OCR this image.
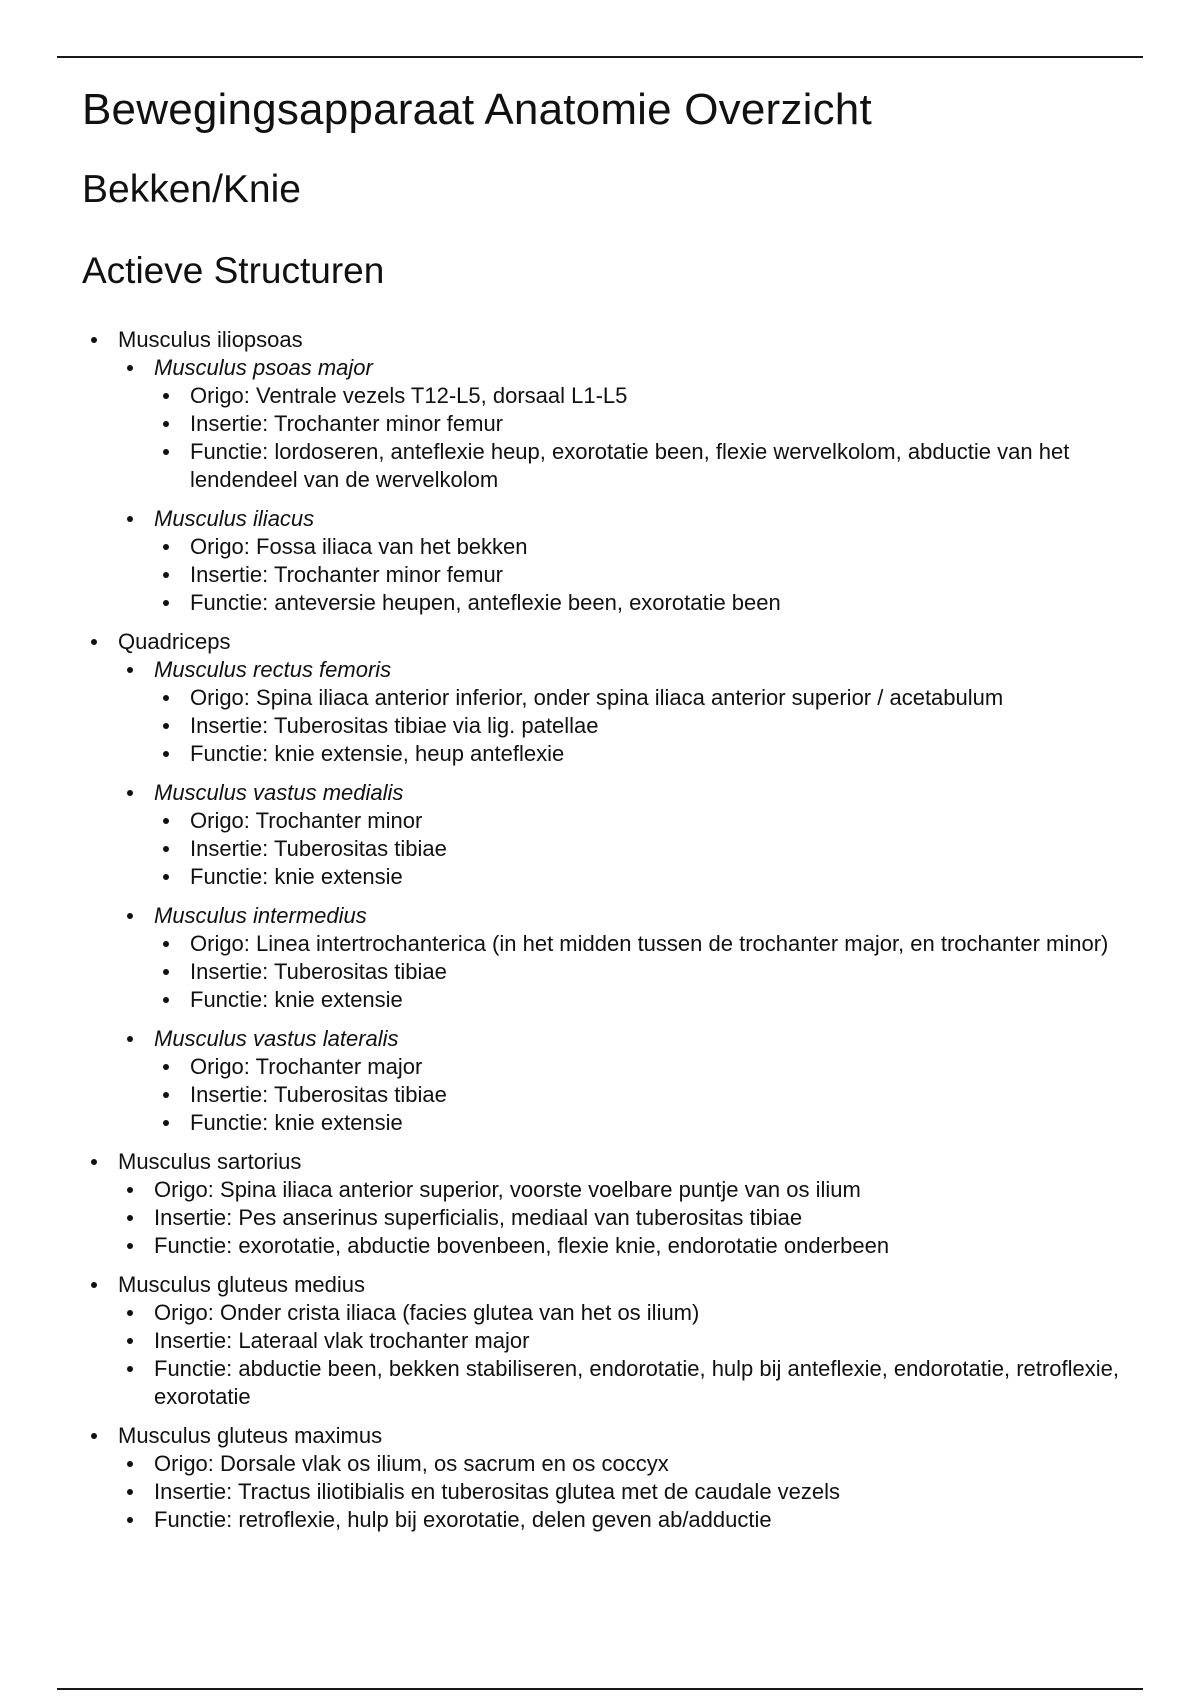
Bewegingsapparaat Anatomie Overzicht
Bekken/Knie
Actieve Structuren
Musculus iliopsoas
Musculus psoas major
Origo: Ventrale vezels T12-L5, dorsaal L1-L5
Insertie: Trochanter minor femur
Functie: lordoseren, anteflexie heup, exorotatie been, flexie wervelkolom, abductie van het lendendeel van de wervelkolom
Musculus iliacus
Origo: Fossa iliaca van het bekken
Insertie: Trochanter minor femur
Functie: anteversie heupen, anteflexie been, exorotatie been
Quadriceps
Musculus rectus femoris
Origo: Spina iliaca anterior inferior, onder spina iliaca anterior superior / acetabulum
Insertie: Tuberositas tibiae via lig. patellae
Functie: knie extensie, heup anteflexie
Musculus vastus medialis
Origo: Trochanter minor
Insertie: Tuberositas tibiae
Functie: knie extensie
Musculus intermedius
Origo: Linea intertrochanterica (in het midden tussen de trochanter major, en trochanter minor)
Insertie: Tuberositas tibiae
Functie: knie extensie
Musculus vastus lateralis
Origo: Trochanter major
Insertie: Tuberositas tibiae
Functie: knie extensie
Musculus sartorius
Origo: Spina iliaca anterior superior, voorste voelbare puntje van os ilium
Insertie: Pes anserinus superficialis, mediaal van tuberositas tibiae
Functie: exorotatie, abductie bovenbeen, flexie knie, endorotatie onderbeen
Musculus gluteus medius
Origo: Onder crista iliaca (facies glutea van het os ilium)
Insertie: Lateraal vlak trochanter major
Functie: abductie been, bekken stabiliseren, endorotatie, hulp bij anteflexie, endorotatie, retroflexie, exorotatie
Musculus gluteus maximus
Origo: Dorsale vlak os ilium, os sacrum en os coccyx
Insertie: Tractus iliotibialis en tuberositas glutea met de caudale vezels
Functie: retroflexie, hulp bij exorotatie, delen geven ab/adductie
